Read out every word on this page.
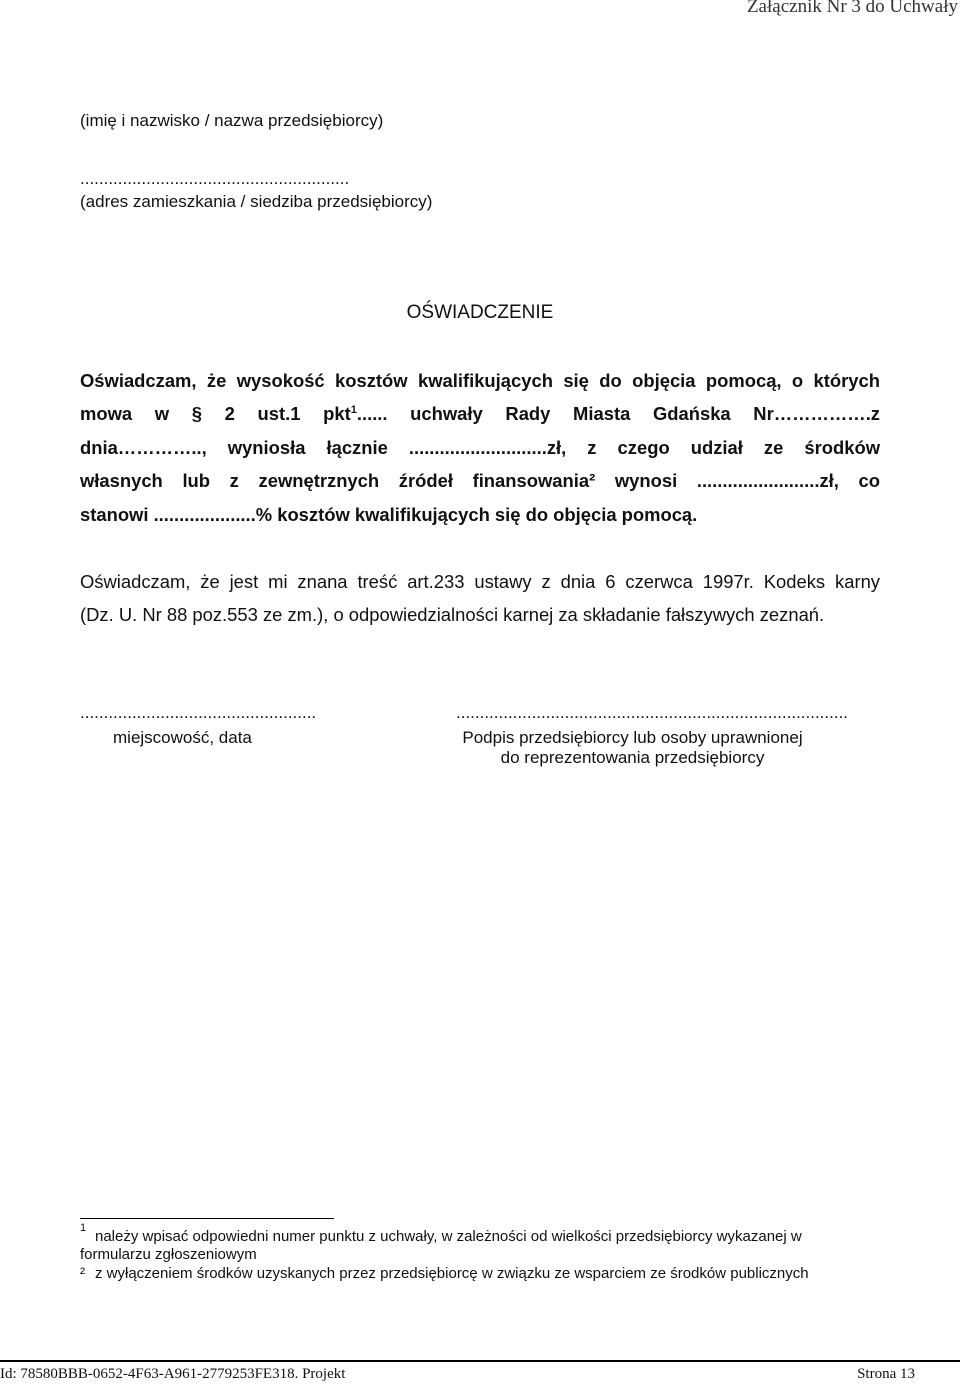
Załącznik Nr 3 do Uchwały
(imię i nazwisko / nazwa przedsiębiorcy)
.........................................................
(adres zamieszkania / siedziba przedsiębiorcy)
OŚWIADCZENIE
Oświadczam, że wysokość kosztów kwalifikujących się do objęcia pomocą, o których
mowa w § 2 ust.1 pkt$^1$...... uchwały Rady Miasta Gdańska Nr…………….z
dnia………….., wyniosła łącznie ...........................zł, z czego udział ze środków
własnych lub z zewnętrznych źródeł finansowania² wynosi ........................zł, co
stanowi ....................% kosztów kwalifikujących się do objęcia pomocą.
Oświadczam, że jest mi znana treść art.233 ustawy z dnia 6 czerwca 1997r. Kodeks karny
(Dz. U. Nr 88 poz.553 ze zm.), o odpowiedzialności karnej za składanie fałszywych zeznań.
..................................................
miejscowość, data
...................................................................................
Podpis przedsiębiorcy lub osoby uprawnionej
do reprezentowania przedsiębiorcy
1 należy wpisać odpowiedni numer punktu z uchwały, w zależności od wielkości przedsiębiorcy wykazanej w
formularzu zgłoszeniowym
² z wyłączeniem środków uzyskanych przez przedsiębiorcę w związku ze wsparciem ze środków publicznych
Id: 78580BBB-0652-4F63-A961-2779253FE318. Projekt	Strona 13
